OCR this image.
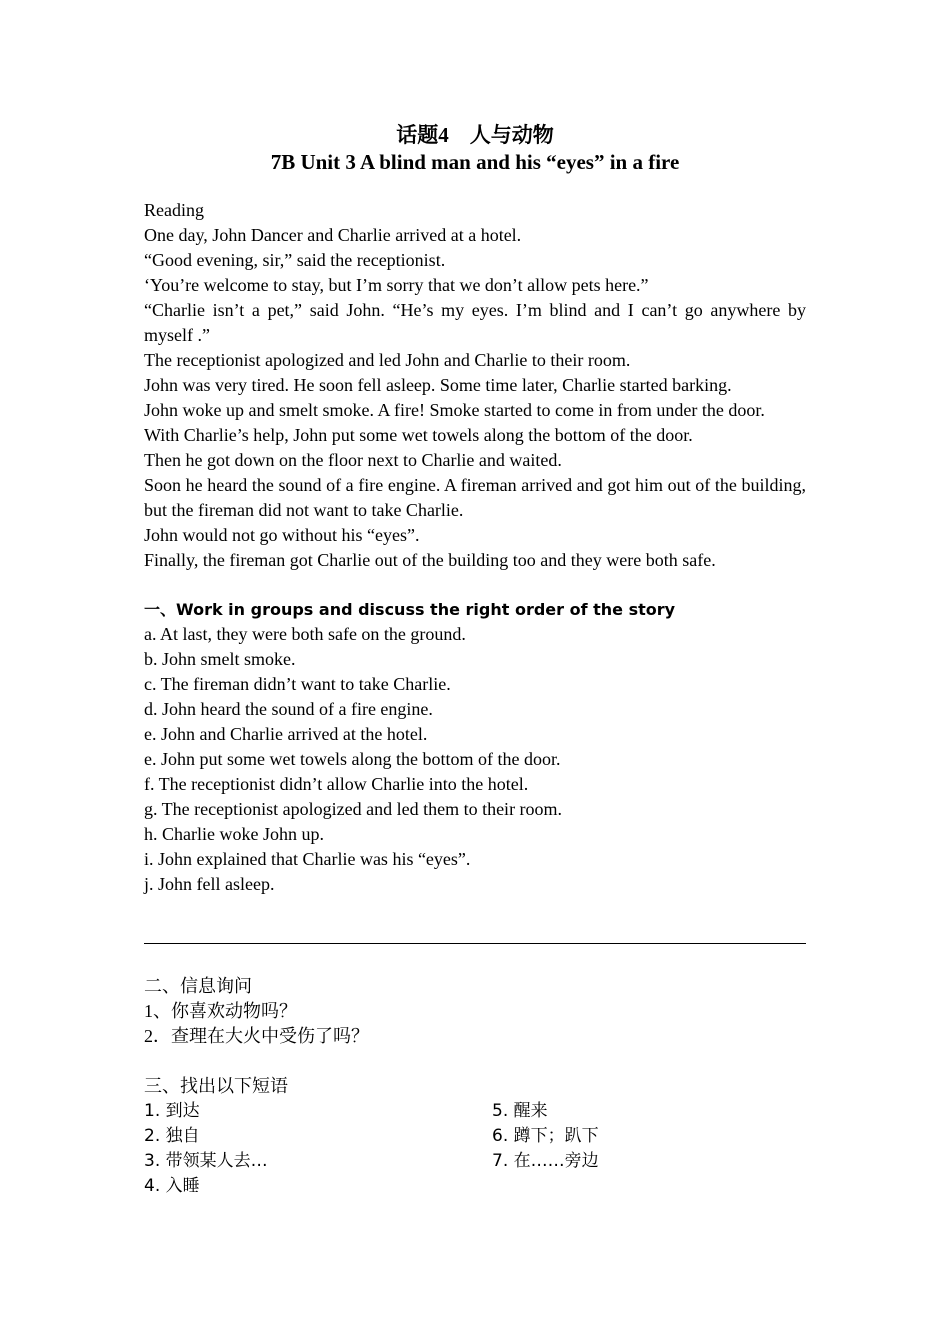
话题4　人与动物
7B Unit 3 A blind man and his “eyes” in a fire

Reading

One day, John Dancer and Charlie arrived at a hotel.

“Good evening, sir,” said the receptionist.

‘You’re welcome to stay, but I’m sorry that we don’t allow pets here.”

“Charlie isn’t a pet,” said John. “He’s my eyes. I’m blind and I can’t go anywhere by myself .”

The receptionist apologized and led John and Charlie to their room.

John was very tired. He soon fell asleep. Some time later, Charlie started barking.

John woke up and smelt smoke. A fire! Smoke started to come in from under the door.

With Charlie’s help, John put some wet towels along the bottom of the door.

Then he got down on the floor next to Charlie and waited.

Soon he heard the sound of a fire engine. A fireman arrived and got him out of the building, but the fireman did not want to take Charlie.

John would not go without his “eyes”.

Finally, the fireman got Charlie out of the building too and they were both safe.

一、Work in groups and discuss the right order of the story
a. At last, they were both safe on the ground.
b. John smelt smoke.
c. The fireman didn’t want to take Charlie.
d. John heard the sound of a fire engine.
e. John and Charlie arrived at the hotel.
e. John put some wet towels along the bottom of the door.
f. The receptionist didn’t allow Charlie into the hotel.
g. The receptionist apologized and led them to their room.
h. Charlie woke John up.
i. John explained that Charlie was his “eyes”.
j. John fell asleep.
二、信息询问
1、你喜欢动物吗？
2．查理在大火中受伤了吗？
三、找出以下短语
1. 到达	5. 醒来
2. 独自	6. 蹲下；趴下
3. 带领某人去…	7. 在……旁边
4. 入睡
